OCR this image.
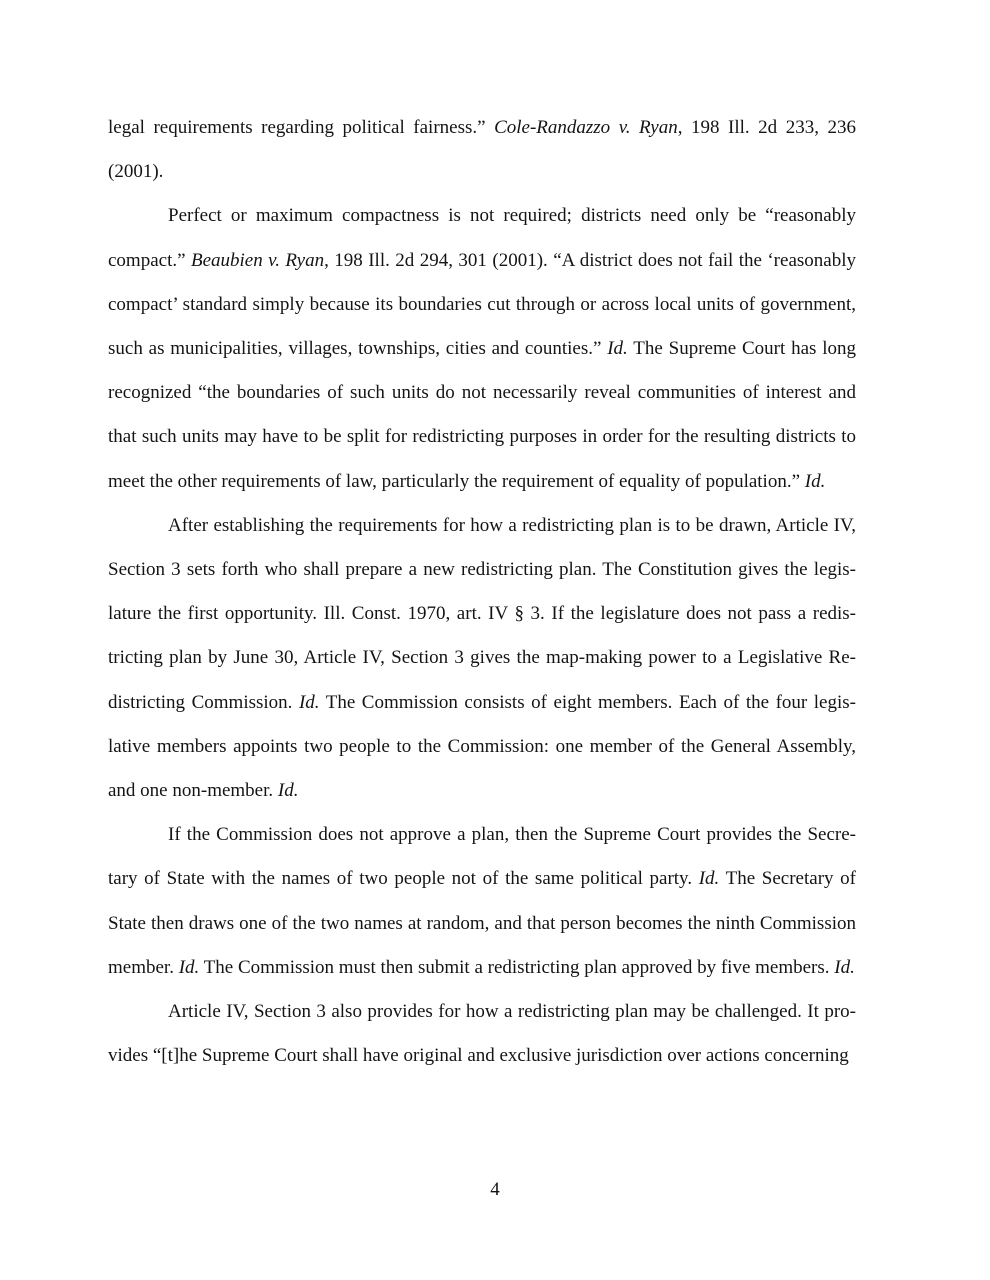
legal requirements regarding political fairness.” Cole-Randazzo v. Ryan, 198 Ill. 2d 233, 236 (2001).

Perfect or maximum compactness is not required; districts need only be “reasonably compact.” Beaubien v. Ryan, 198 Ill. 2d 294, 301 (2001). “A district does not fail the ‘reasonably compact’ standard simply because its boundaries cut through or across local units of government, such as municipalities, villages, townships, cities and counties.” Id. The Supreme Court has long recognized “the boundaries of such units do not necessarily reveal communities of interest and that such units may have to be split for redistricting purposes in order for the resulting districts to meet the other requirements of law, particularly the requirement of equality of population.” Id.

After establishing the requirements for how a redistricting plan is to be drawn, Article IV, Section 3 sets forth who shall prepare a new redistricting plan. The Constitution gives the legislature the first opportunity. Ill. Const. 1970, art. IV § 3. If the legislature does not pass a redistricting plan by June 30, Article IV, Section 3 gives the map-making power to a Legislative Redistricting Commission. Id. The Commission consists of eight members. Each of the four legislative members appoints two people to the Commission: one member of the General Assembly, and one non-member. Id.

If the Commission does not approve a plan, then the Supreme Court provides the Secretary of State with the names of two people not of the same political party. Id. The Secretary of State then draws one of the two names at random, and that person becomes the ninth Commission member. Id. The Commission must then submit a redistricting plan approved by five members. Id.

Article IV, Section 3 also provides for how a redistricting plan may be challenged. It provides “[t]he Supreme Court shall have original and exclusive jurisdiction over actions concerning

4
